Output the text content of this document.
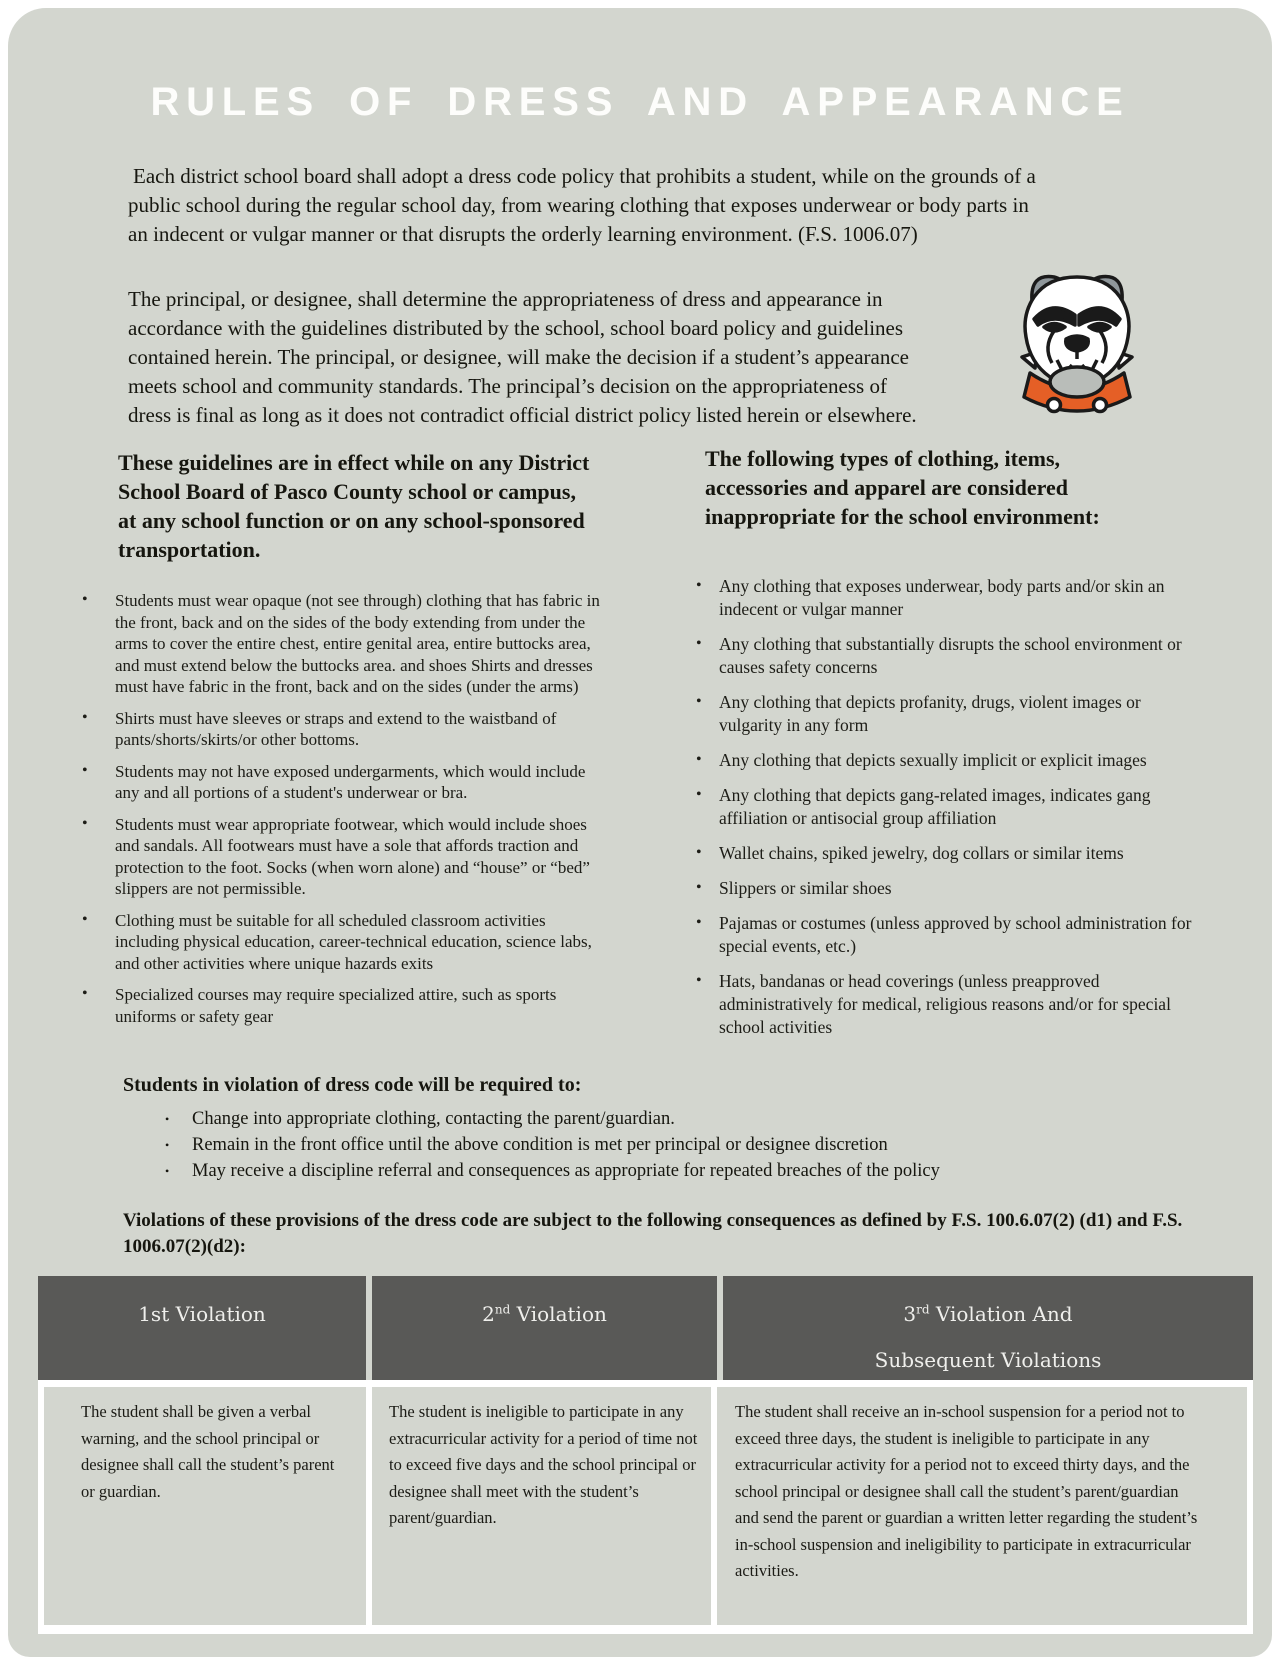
RULES OF DRESS AND APPEARANCE

Each district school board shall adopt a dress code policy that prohibits a student, while on the grounds of a public school during the regular school day, from wearing clothing that exposes underwear or body parts in an indecent or vulgar manner or that disrupts the orderly learning environment. (F.S. 1006.07)

The principal, or designee, shall determine the appropriateness of dress and appearance in accordance with the guidelines distributed by the school, school board policy and guidelines contained herein. The principal, or designee, will make the decision if a student’s appearance meets school and community standards. The principal’s decision on the appropriateness of dress is final as long as it does not contradict official district policy listed herein or elsewhere.

These guidelines are in effect while on any District School Board of Pasco County school or campus, at any school function or on any school-sponsored transportation.
• Students must wear opaque (not see through) clothing that has fabric in the front, back and on the sides of the body extending from under the arms to cover the entire chest, entire genital area, entire buttocks area, and must extend below the buttocks area. and shoes Shirts and dresses must have fabric in the front, back and on the sides (under the arms)
• Shirts must have sleeves or straps and extend to the waistband of pants/shorts/skirts/or other bottoms.
• Students may not have exposed undergarments, which would include any and all portions of a student's underwear or bra.
• Students must wear appropriate footwear, which would include shoes and sandals. All footwears must have a sole that affords traction and protection to the foot. Socks (when worn alone) and “house” or “bed” slippers are not permissible.
• Clothing must be suitable for all scheduled classroom activities including physical education, career-technical education, science labs, and other activities where unique hazards exits
• Specialized courses may require specialized attire, such as sports uniforms or safety gear
The following types of clothing, items, accessories and apparel are considered inappropriate for the school environment:
• Any clothing that exposes underwear, body parts and/or skin an indecent or vulgar manner
• Any clothing that substantially disrupts the school environment or causes safety concerns
• Any clothing that depicts profanity, drugs, violent images or vulgarity in any form
• Any clothing that depicts sexually implicit or explicit images
• Any clothing that depicts gang-related images, indicates gang affiliation or antisocial group affiliation
• Wallet chains, spiked jewelry, dog collars or similar items
• Slippers or similar shoes
• Pajamas or costumes (unless approved by school administration for special events, etc.)
• Hats, bandanas or head coverings (unless preapproved administratively for medical, religious reasons and/or for special school activities
Students in violation of dress code will be required to:
• Change into appropriate clothing, contacting the parent/guardian.
• Remain in the front office until the above condition is met per principal or designee discretion
• May receive a discipline referral and consequences as appropriate for repeated breaches of the policy

Violations of these provisions of the dress code are subject to the following consequences as defined by F.S. 100.6.07(2) (d1) and F.S. 1006.07(2)(d2):

1st Violation	2nd Violation	3rd Violation And
Subsequent Violations
The student shall be given a verbal warning, and the school principal or designee shall call the student’s parent or guardian.
The student is ineligible to participate in any extracurricular activity for a period of time not to exceed five days and the school principal or designee shall meet with the student’s parent/guardian.
The student shall receive an in-school suspension for a period not to exceed three days, the student is ineligible to participate in any extracurricular activity for a period not to exceed thirty days, and the school principal or designee shall call the student’s parent/guardian and send the parent or guardian a written letter regarding the student’s in-school suspension and ineligibility to participate in extracurricular activities.
